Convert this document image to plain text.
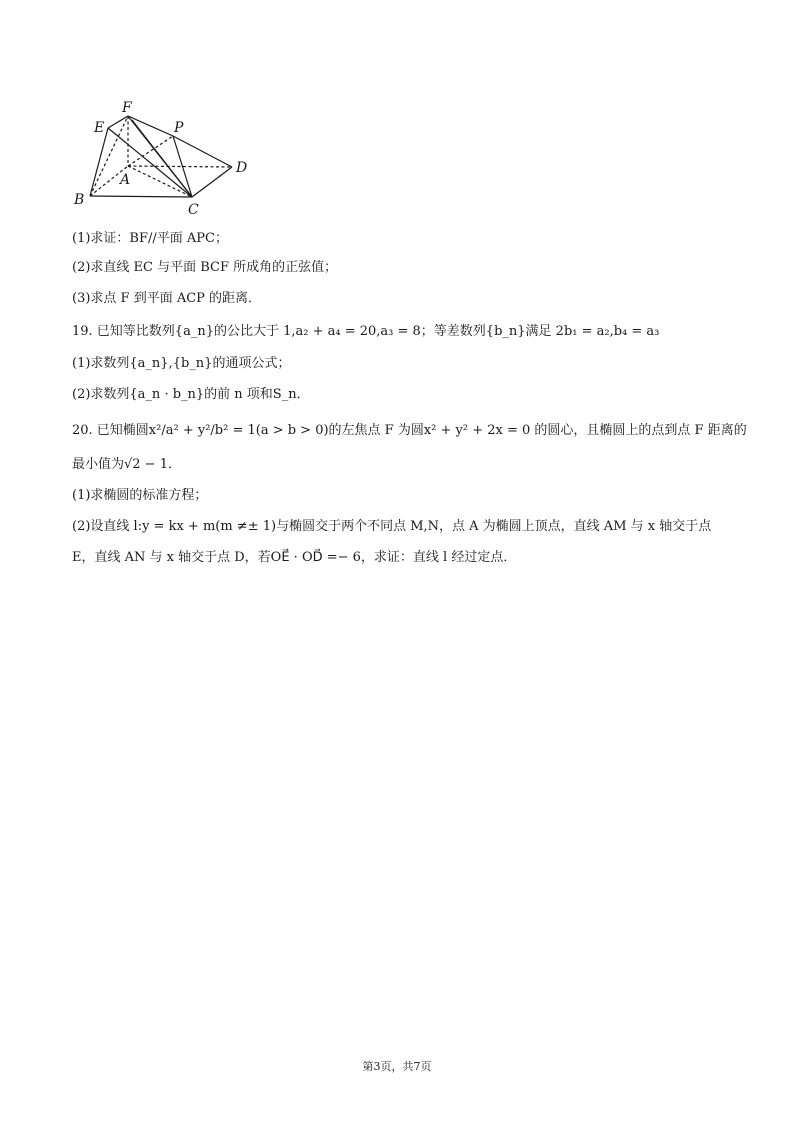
F
E	P
A
D
B
C
(1)求证：BF//平面 APC；
(2)求直线 EC 与平面 BCF 所成角的正弦值；
(3)求点 F 到平面 ACP 的距离．
19. 已知等比数列{a_n}的公比大于 1,a₂ + a₄ = 20,a₃ = 8；等差数列{b_n}满足 2b₁ = a₂,b₄ = a₃
(1)求数列{a_n},{b_n}的通项公式；
(2)求数列{a_n · b_n}的前 n 项和S_n．
20. 已知椭圆x²/a² + y²/b² = 1(a > b > 0)的左焦点 F 为圆x² + y² + 2x = 0 的圆心，且椭圆上的点到点 F 距离的
最小值为√2 − 1．
(1)求椭圆的标准方程；
(2)设直线 l:y = kx + m(m ≠± 1)与椭圆交于两个不同点 M,N，点 A 为椭圆上顶点，直线 AM 与 x 轴交于点
E，直线 AN 与 x 轴交于点 D，若OE⃗ · OD⃗ =− 6，求证：直线 l 经过定点．
第3页，共7页
